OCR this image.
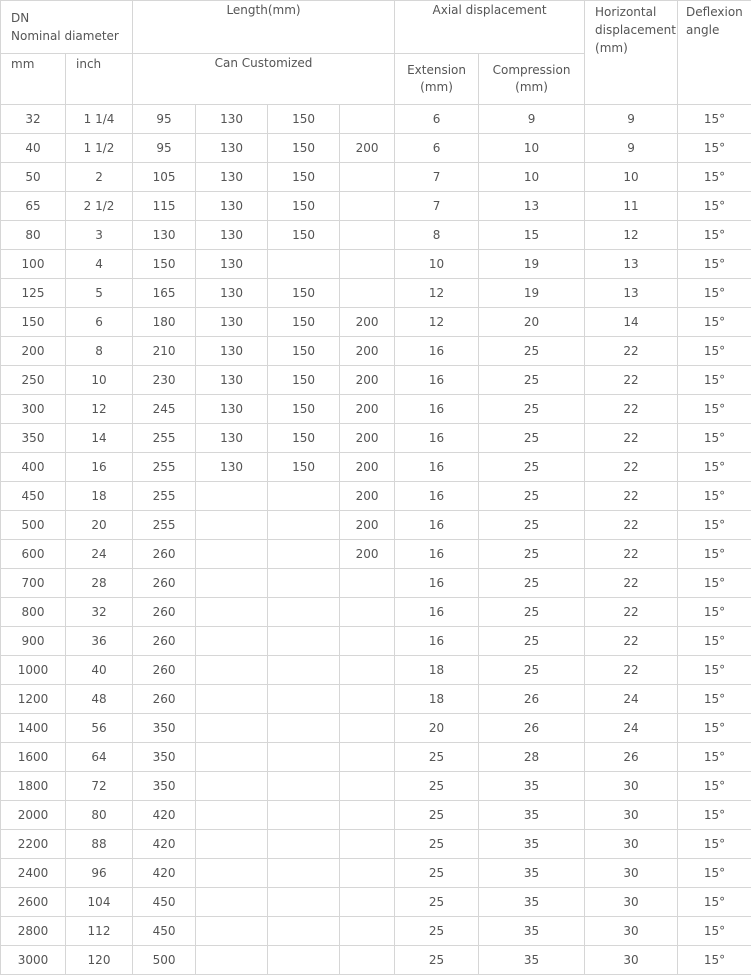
DN
Nominal diameter		Length(mm)				Axial displacement		Horizontal displacement (mm)	Deflexion angle
mm	inch	Can Customized				Extension (mm)	Compression (mm)		
32	1 1/4	95	130	150		6	9	9	15°
40	1 1/2	95	130	150	200	6	10	9	15°
50	2	105	130	150		7	10	10	15°
65	2 1/2	115	130	150		7	13	11	15°
80	3	130	130	150		8	15	12	15°
100	4	150	130			10	19	13	15°
125	5	165	130	150		12	19	13	15°
150	6	180	130	150	200	12	20	14	15°
200	8	210	130	150	200	16	25	22	15°
250	10	230	130	150	200	16	25	22	15°
300	12	245	130	150	200	16	25	22	15°
350	14	255	130	150	200	16	25	22	15°
400	16	255	130	150	200	16	25	22	15°
450	18	255			200	16	25	22	15°
500	20	255			200	16	25	22	15°
600	24	260			200	16	25	22	15°
700	28	260				16	25	22	15°
800	32	260				16	25	22	15°
900	36	260				16	25	22	15°
1000	40	260				18	25	22	15°
1200	48	260				18	26	24	15°
1400	56	350				20	26	24	15°
1600	64	350				25	28	26	15°
1800	72	350				25	35	30	15°
2000	80	420				25	35	30	15°
2200	88	420				25	35	30	15°
2400	96	420				25	35	30	15°
2600	104	450				25	35	30	15°
2800	112	450				25	35	30	15°
3000	120	500				25	35	30	15°
